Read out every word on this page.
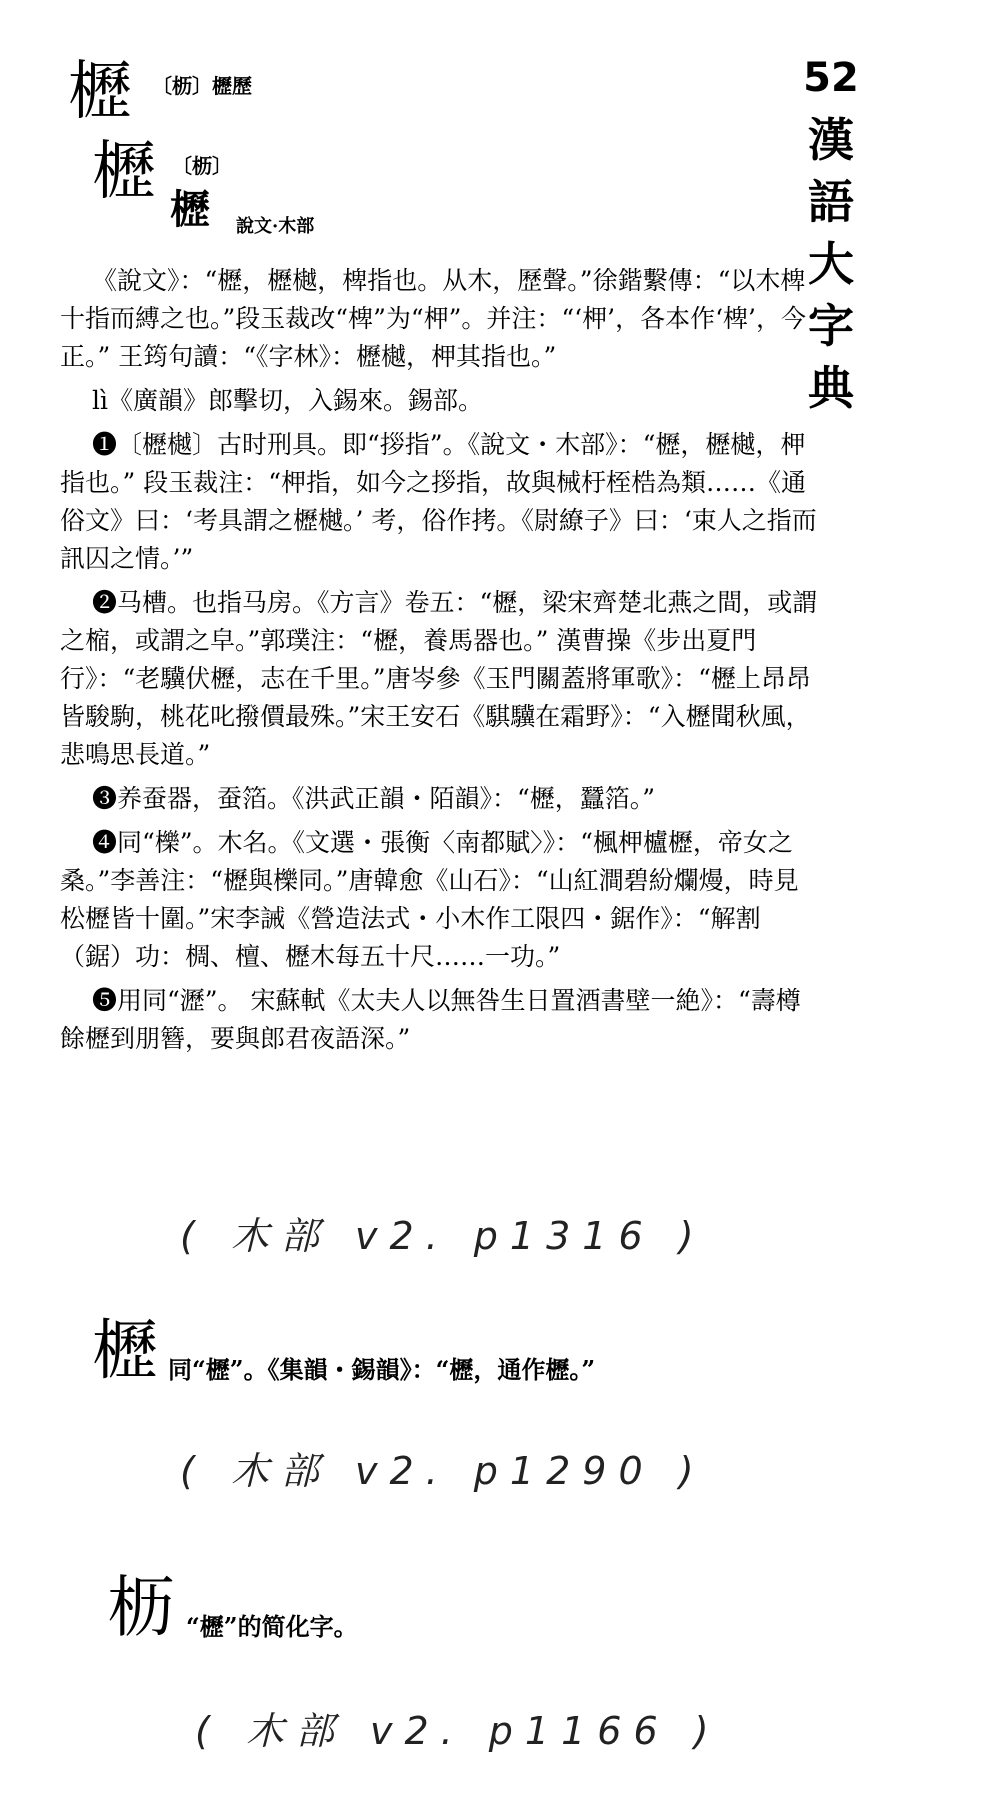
52
漢
語
大
字
典
櫪 〔枥〕櫪歷
櫪 〔枥〕
櫪 說文·木部

《說文》：“櫪，櫪樾，椑指也。从木，歷聲。”徐鍇繫傳：“以木椑十指而縛之也。”段玉裁改“椑”为“柙”。并注：“‘柙’，各本作‘椑’，今正。” 王筠句讀：“《字林》：櫪樾，柙其指也。”

lì《廣韻》郎擊切，入錫來。錫部。

❶〔櫪樾〕古时刑具。即“拶指”。《說文・木部》：“櫪，櫪樾，柙指也。” 段玉裁注：“柙指，如今之拶指，故與械杅桎梏為類……《通俗文》曰：‘考具謂之櫪樾。’ 考，俗作拷。《尉繚子》曰：‘束人之指而訊囚之情。’”

❷马槽。也指马房。《方言》卷五：“櫪，梁宋齊楚北燕之間，或謂之樎，或謂之皁。”郭璞注：“櫪，養馬器也。” 漢曹操《步出夏門行》：“老驥伏櫪，志在千里。”唐岑參《玉門關蓋將軍歌》：“櫪上昂昂皆駿駒，桃花叱撥價最殊。”宋王安石《騏驥在霜野》：“入櫪聞秋風，悲鳴思長道。”

❸养蚕器，蚕箔。《洪武正韻・陌韻》：“櫪，蠶箔。”

❹同“櫟”。木名。《文選・張衡〈南都賦〉》：“楓柙櫨櫪，帝女之桑。”李善注：“櫪與櫟同。”唐韓愈《山石》：“山紅澗碧紛爛熳，時見松櫪皆十圍。”宋李誡《營造法式・小木作工限四・鋸作》：“解割（鋸）功：椆、檀、櫪木每五十尺……一功。”

❺用同“瀝”。 宋蘇軾《太夫人以無咎生日置酒書壁一絶》：“壽樽餘櫪到朋簪，要與郎君夜語深。”

( 木部 v2. p1316 )
櫪 同“櫪”。《集韻・錫韻》：“櫪，通作櫪。”
( 木部 v2. p1290 )
枥 “櫪”的简化字。
( 木部 v2. p1166 )
